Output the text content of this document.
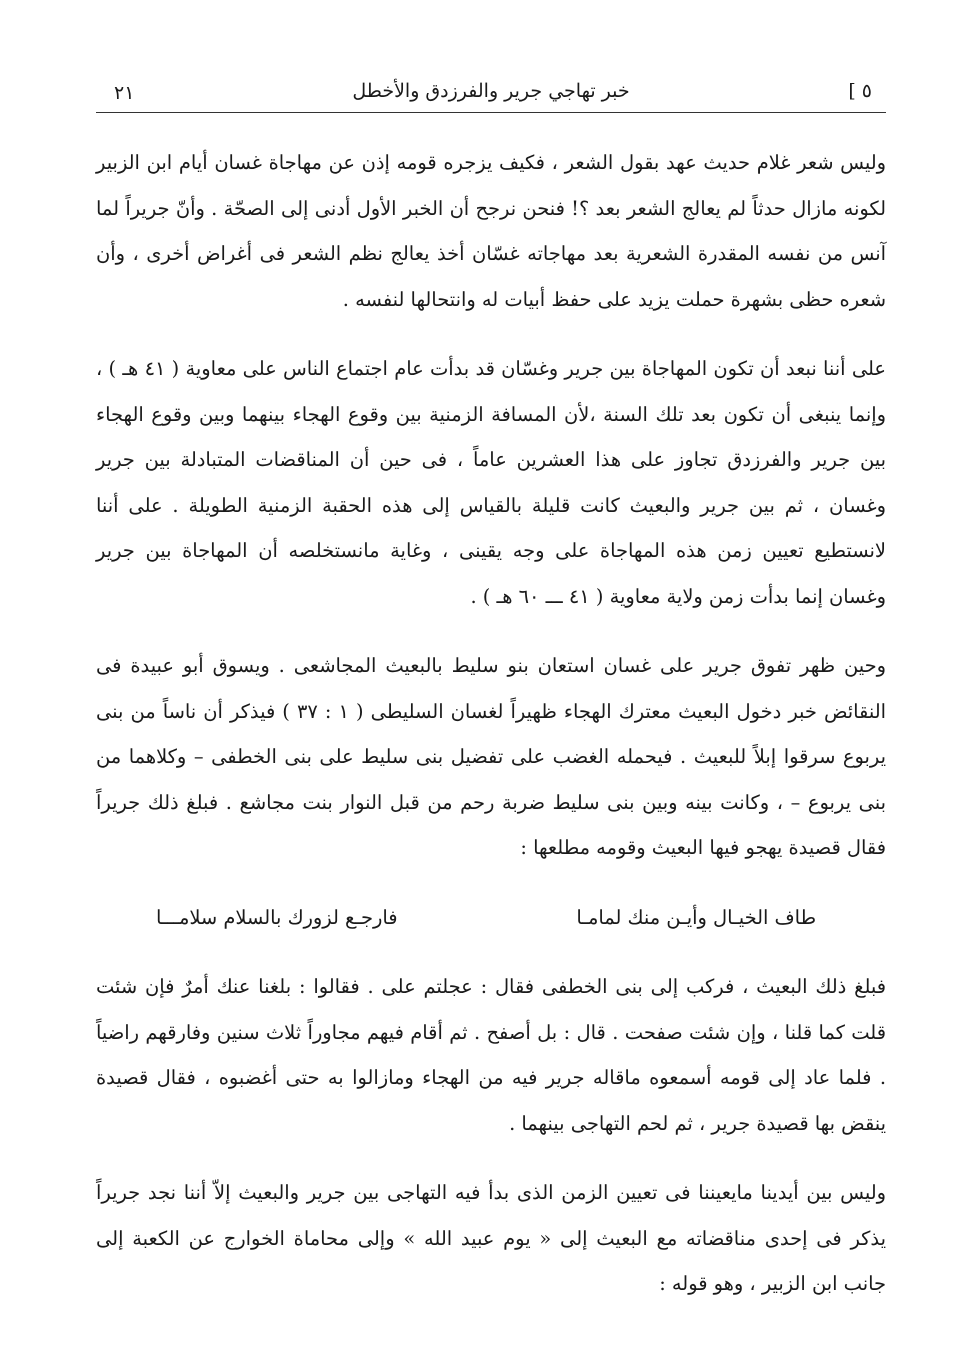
٢١	خبر تهاجي جرير والفرزدق والأخطل	٥ ]

وليس شعر غلام حديث عهد بقول الشعر ، فكيف يزجره قومه إذن عن مهاجاة غسان أيام ابن الزبير لكونه مازال حدثاً لم يعالج الشعر بعد ؟! فنحن نرجح أن الخبر الأول أدنى إلى الصحّة . وأنّ جريراً لما آنس من نفسه المقدرة الشعرية بعد مهاجاته غسّان أخذ يعالج نظم الشعر فى أغراض أخرى ، وأن شعره حظى بشهرة حملت يزيد على حفظ أبيات له وانتحالها لنفسه .

على أننا نبعد أن تكون المهاجاة بين جرير وغسّان قد بدأت عام اجتماع الناس على معاوية ( ٤١ هـ ) ، وإنما ينبغى أن تكون بعد تلك السنة ،لأن المسافة الزمنية بين وقوع الهجاء بينهما وبين وقوع الهجاء بين جرير والفرزدق تجاوز على هذا العشرين عاماً ، فى حين أن المناقضات المتبادلة بين جرير وغسان ، ثم بين جرير والبعيث كانت قليلة بالقياس إلى هذه الحقبة الزمنية الطويلة . على أننا لانستطيع تعيين زمن هذه المهاجاة على وجه يقينى ، وغاية مانستخلصه أن المهاجاة بين جرير وغسان إنما بدأت زمن ولاية معاوية ( ٤١ ـــ ٦٠ هـ ) .

وحين ظهر تفوق جرير على غسان استعان بنو سليط بالبعيث المجاشعى . ويسوق أبو عبيدة فى النقائض خبر دخول البعيث معترك الهجاء ظهيراً لغسان السليطى ( ١ : ٣٧ ) فيذكر أن ناساً من بنى يربوع سرقوا إبلاً للبعيث . فيحمله الغضب على تفضيل بنى سليط على بنى الخطفى – وكلاهما من بنى يربوع – ، وكانت بينه وبين بنى سليط ضربة رحم من قبل النوار بنت مجاشع . فبلغ ذلك جريراً فقال قصيدة يهجو فيها البعيث وقومه مطلعها :

طاف الخيـال وأيـن منك لمامـا
فارجـع لزورك بالسلام سلامـــا

فبلغ ذلك البعيث ، فركب إلى بنى الخطفى فقال : عجلتم على . فقالوا : بلغنا عنك أمرٌ فإن شئت قلت كما قلنا ، وإن شئت صفحت . قال : بل أصفح . ثم أقام فيهم مجاوراً ثلاث سنين وفارقهم راضياً . فلما عاد إلى قومه أسمعوه ماقاله جرير فيه من الهجاء ومازالوا به حتى أغضبوه ، فقال قصيدة ينقض بها قصيدة جرير ، ثم لحم التهاجى بينهما .

وليس بين أيدينا مايعيننا فى تعيين الزمن الذى بدأ فيه التهاجى بين جرير والبعيث إلاّ أننا نجد جريراً يذكر فى إحدى مناقضاته مع البعيث إلى « يوم عبيد الله » وإلى محاماة الخوارج عن الكعبة إلى جانب ابن الزبير ، وهو قوله :
